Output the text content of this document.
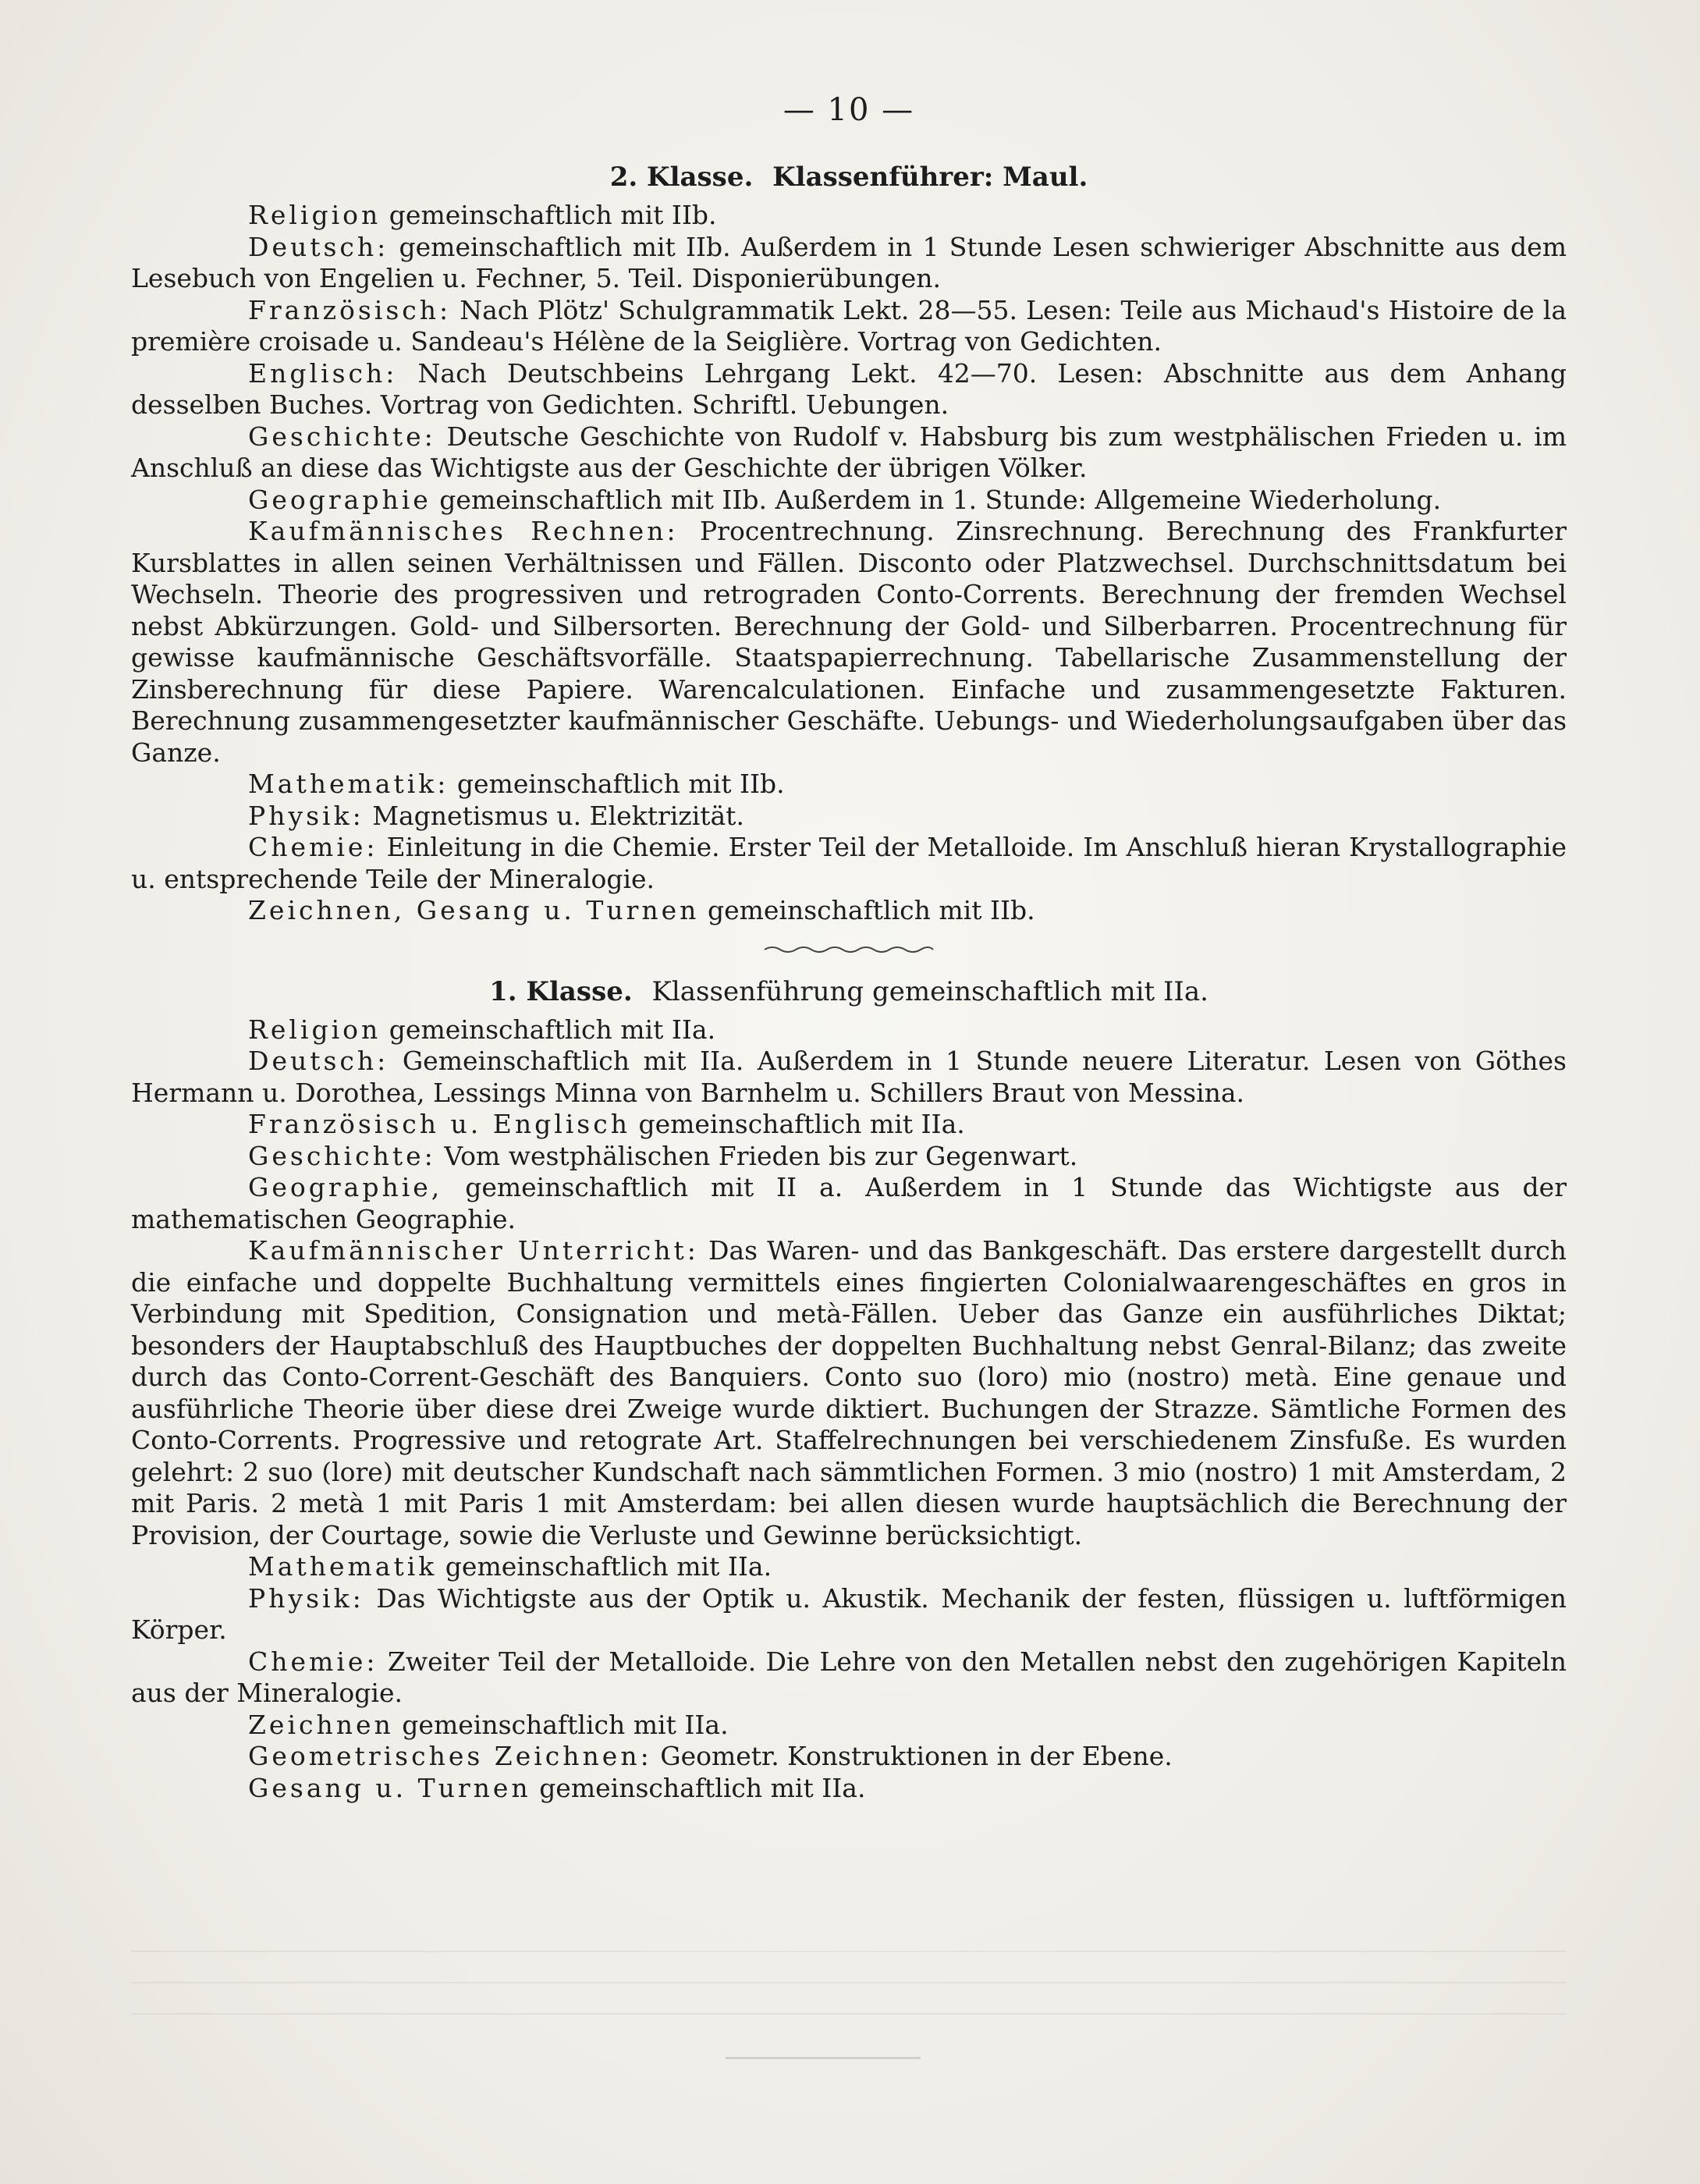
— 10 —
2. Klasse. Klassenführer: Maul.

Religion gemeinschaftlich mit IIb.

Deutsch: gemeinschaftlich mit IIb. Außerdem in 1 Stunde Lesen schwieriger Abschnitte aus dem Lesebuch von Engelien u. Fechner, 5. Teil. Disponierübungen.

Französisch: Nach Plötz' Schulgrammatik Lekt. 28—55. Lesen: Teile aus Michaud's Histoire de la première croisade u. Sandeau's Hélène de la Seiglière. Vortrag von Gedichten.

Englisch: Nach Deutschbeins Lehrgang Lekt. 42—70. Lesen: Abschnitte aus dem Anhang desselben Buches. Vortrag von Gedichten. Schriftl. Uebungen.

Geschichte: Deutsche Geschichte von Rudolf v. Habsburg bis zum westphälischen Frieden u. im Anschluß an diese das Wichtigste aus der Geschichte der übrigen Völker.

Geographie gemeinschaftlich mit IIb. Außerdem in 1. Stunde: Allgemeine Wiederholung.

Kaufmännisches Rechnen: Procentrechnung. Zinsrechnung. Berechnung des Frankfurter Kursblattes in allen seinen Verhältnissen und Fällen. Disconto oder Platzwechsel. Durchschnittsdatum bei Wechseln. Theorie des progressiven und retrograden Conto-Corrents. Berechnung der fremden Wechsel nebst Abkürzungen. Gold- und Silbersorten. Berechnung der Gold- und Silberbarren. Procentrechnung für gewisse kaufmännische Geschäftsvorfälle. Staatspapierrechnung. Tabellarische Zusammenstellung der Zinsberechnung für diese Papiere. Warencalculationen. Einfache und zusammengesetzte Fakturen. Berechnung zusammengesetzter kaufmännischer Geschäfte. Uebungs- und Wiederholungsaufgaben über das Ganze.

Mathematik: gemeinschaftlich mit IIb.

Physik: Magnetismus u. Elektrizität.

Chemie: Einleitung in die Chemie. Erster Teil der Metalloide. Im Anschluß hieran Krystallographie u. entsprechende Teile der Mineralogie.

Zeichnen, Gesang u. Turnen gemeinschaftlich mit IIb.

1. Klasse. Klassenführung gemeinschaftlich mit IIa.

Religion gemeinschaftlich mit IIa.

Deutsch: Gemeinschaftlich mit IIa. Außerdem in 1 Stunde neuere Literatur. Lesen von Göthes Hermann u. Dorothea, Lessings Minna von Barnhelm u. Schillers Braut von Messina.

Französisch u. Englisch gemeinschaftlich mit IIa.

Geschichte: Vom westphälischen Frieden bis zur Gegenwart.

Geographie, gemeinschaftlich mit II a. Außerdem in 1 Stunde das Wichtigste aus der mathematischen Geographie.

Kaufmännischer Unterricht: Das Waren- und das Bankgeschäft. Das erstere dargestellt durch die einfache und doppelte Buchhaltung vermittels eines fingierten Colonialwaarengeschäftes en gros in Verbindung mit Spedition, Consignation und metà-Fällen. Ueber das Ganze ein ausführliches Diktat; besonders der Hauptabschluß des Hauptbuches der doppelten Buchhaltung nebst Genral-Bilanz; das zweite durch das Conto-Corrent-Geschäft des Banquiers. Conto suo (loro) mio (nostro) metà. Eine genaue und ausführliche Theorie über diese drei Zweige wurde diktiert. Buchungen der Strazze. Sämtliche Formen des Conto-Corrents. Progressive und retograte Art. Staffelrechnungen bei verschiedenem Zinsfuße. Es wurden gelehrt: 2 suo (lore) mit deutscher Kundschaft nach sämmtlichen Formen. 3 mio (nostro) 1 mit Amsterdam, 2 mit Paris. 2 metà 1 mit Paris 1 mit Amsterdam: bei allen diesen wurde hauptsächlich die Berechnung der Provision, der Courtage, sowie die Verluste und Gewinne berücksichtigt.

Mathematik gemeinschaftlich mit IIa.

Physik: Das Wichtigste aus der Optik u. Akustik. Mechanik der festen, flüssigen u. luftförmigen Körper.

Chemie: Zweiter Teil der Metalloide. Die Lehre von den Metallen nebst den zugehörigen Kapiteln aus der Mineralogie.

Zeichnen gemeinschaftlich mit IIa.

Geometrisches Zeichnen: Geometr. Konstruktionen in der Ebene.

Gesang u. Turnen gemeinschaftlich mit IIa.
